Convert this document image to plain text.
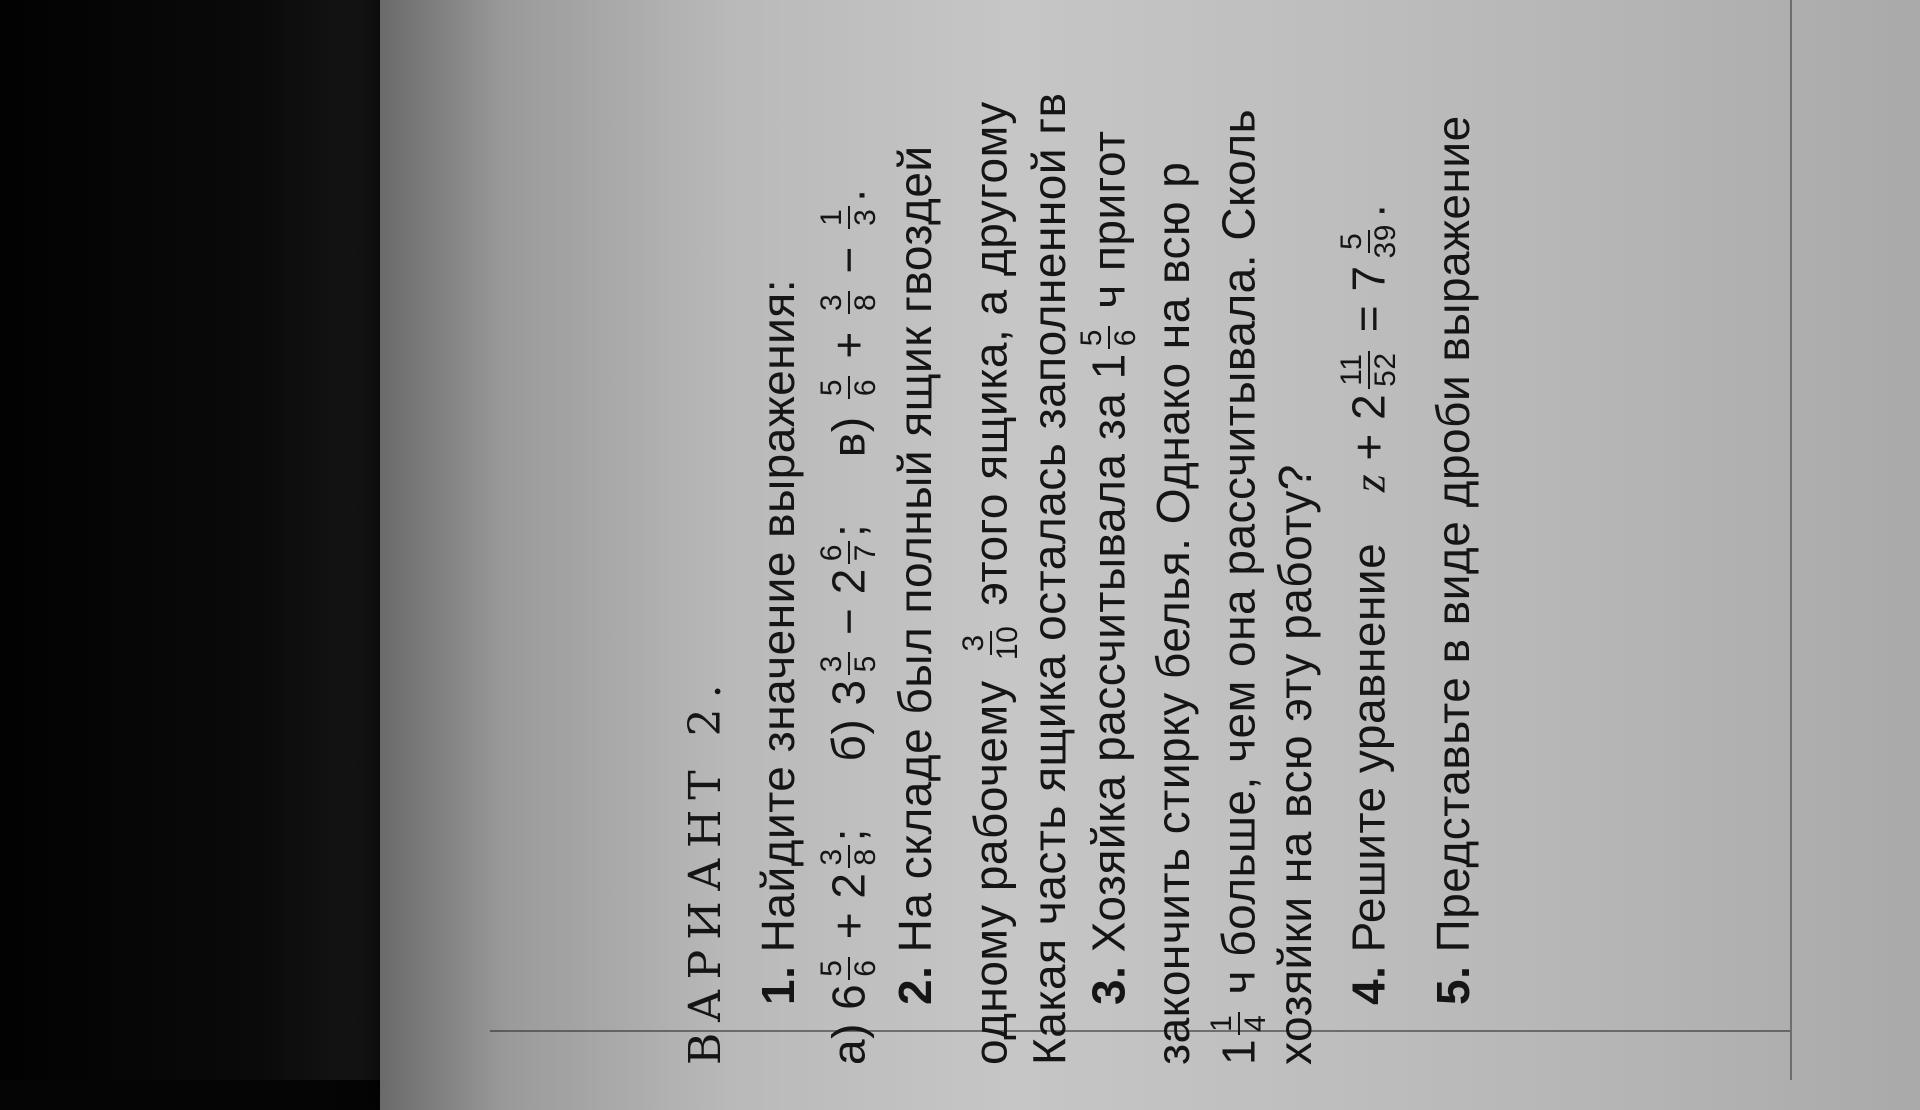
ВАРИАНТ 2. 1. Найдите значение выражения:
а) 6
5 6
+ 2
3 8
;  б) 3
3 5
− 2
6 7
;  в)
5 6
+
3 8
−
1 3
.
2. На складе был полный ящик гвоздей одному рабочему
3 10
этого ящика, а другому Какая часть ящика осталась заполненной гв 3. Хозяйка рассчитывала за 1
5 6
ч пригот закончить стирку белья. Однако на всю р 1
1 4
ч больше, чем она рассчитывала. Сколь хозяйки на всю эту работу? 4. Решите уравнение  z + 2
11 52
= 7
5 39
.
5. Представьте в виде дроби выражение
